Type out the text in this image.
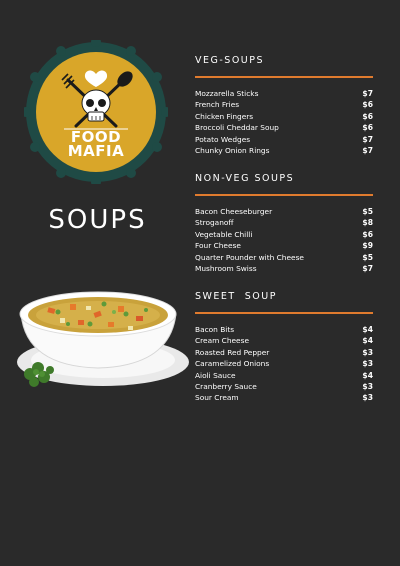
FOOD
MAFIA
SOUPS
VEG-SOUPS
Mozzarella Sticks	$7
French Fries	$6
Chicken Fingers	$6
Broccoli Cheddar Soup	$6
Potato Wedges	$7
Chunky Onion Rings	$7
NON-VEG SOUPS
Bacon Cheeseburger	$5
Stroganoff	$8
Vegetable Chilli	$6
Four Cheese	$9
Quarter Pounder with Cheese	$5
Mushroom Swiss	$7
SWEET  SOUP
Bacon Bits	$4
Cream Cheese	$4
Roasted Red Pepper	$3
Caramelized Onions	$3
Aioli Sauce	$4
Cranberry Sauce	$3
Sour Cream	$3
